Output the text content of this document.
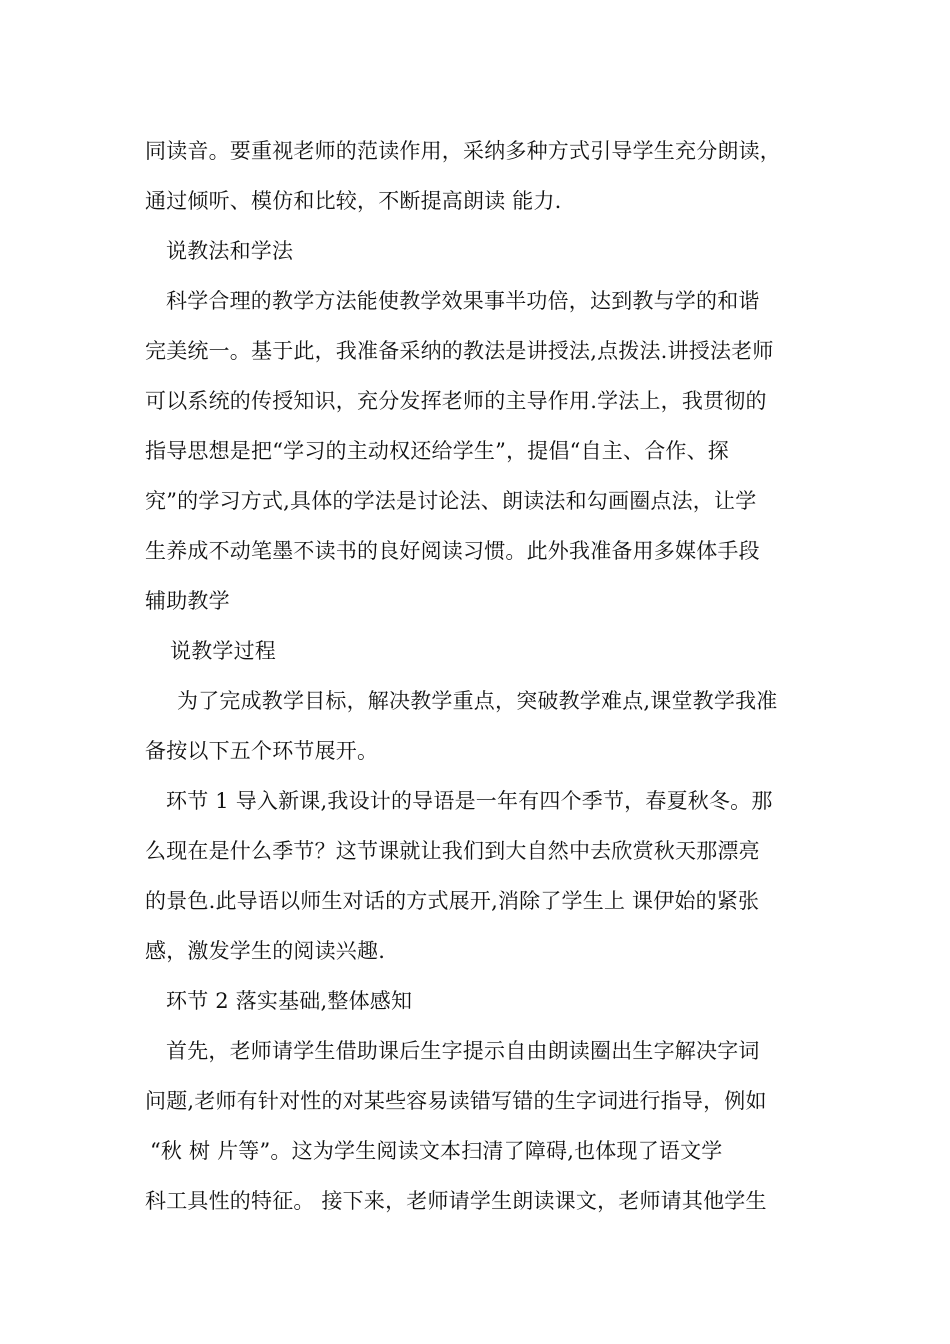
同读音。要重视老师的范读作用，采纳多种方式引导学生充分朗读，
通过倾听、模仿和比较，不断提高朗读 能力.
说教法和学法
科学合理的教学方法能使教学效果事半功倍，达到教与学的和谐
完美统一。基于此，我准备采纳的教法是讲授法,点拨法.讲授法老师
可以系统的传授知识，充分发挥老师的主导作用.学法上，我贯彻的
指导思想是把“学习的主动权还给学生”，提倡“自主、合作、探
究”的学习方式,具体的学法是讨论法、朗读法和勾画圈点法，让学
生养成不动笔墨不读书的良好阅读习惯。此外我准备用多媒体手段
辅助教学
说教学过程
为了完成教学目标，解决教学重点，突破教学难点,课堂教学我准
备按以下五个环节展开。
环节 1 导入新课,我设计的导语是一年有四个季节，春夏秋冬。那
么现在是什么季节？这节课就让我们到大自然中去欣赏秋天那漂亮
的景色.此导语以师生对话的方式展开,消除了学生上 课伊始的紧张
感，激发学生的阅读兴趣.
环节 2 落实基础,整体感知
首先，老师请学生借助课后生字提示自由朗读圈出生字解决字词
问题,老师有针对性的对某些容易读错写错的生字词进行指导，例如
“秋 树 片等”。这为学生阅读文本扫清了障碍,也体现了语文学
科工具性的特征。 接下来，老师请学生朗读课文，老师请其他学生
